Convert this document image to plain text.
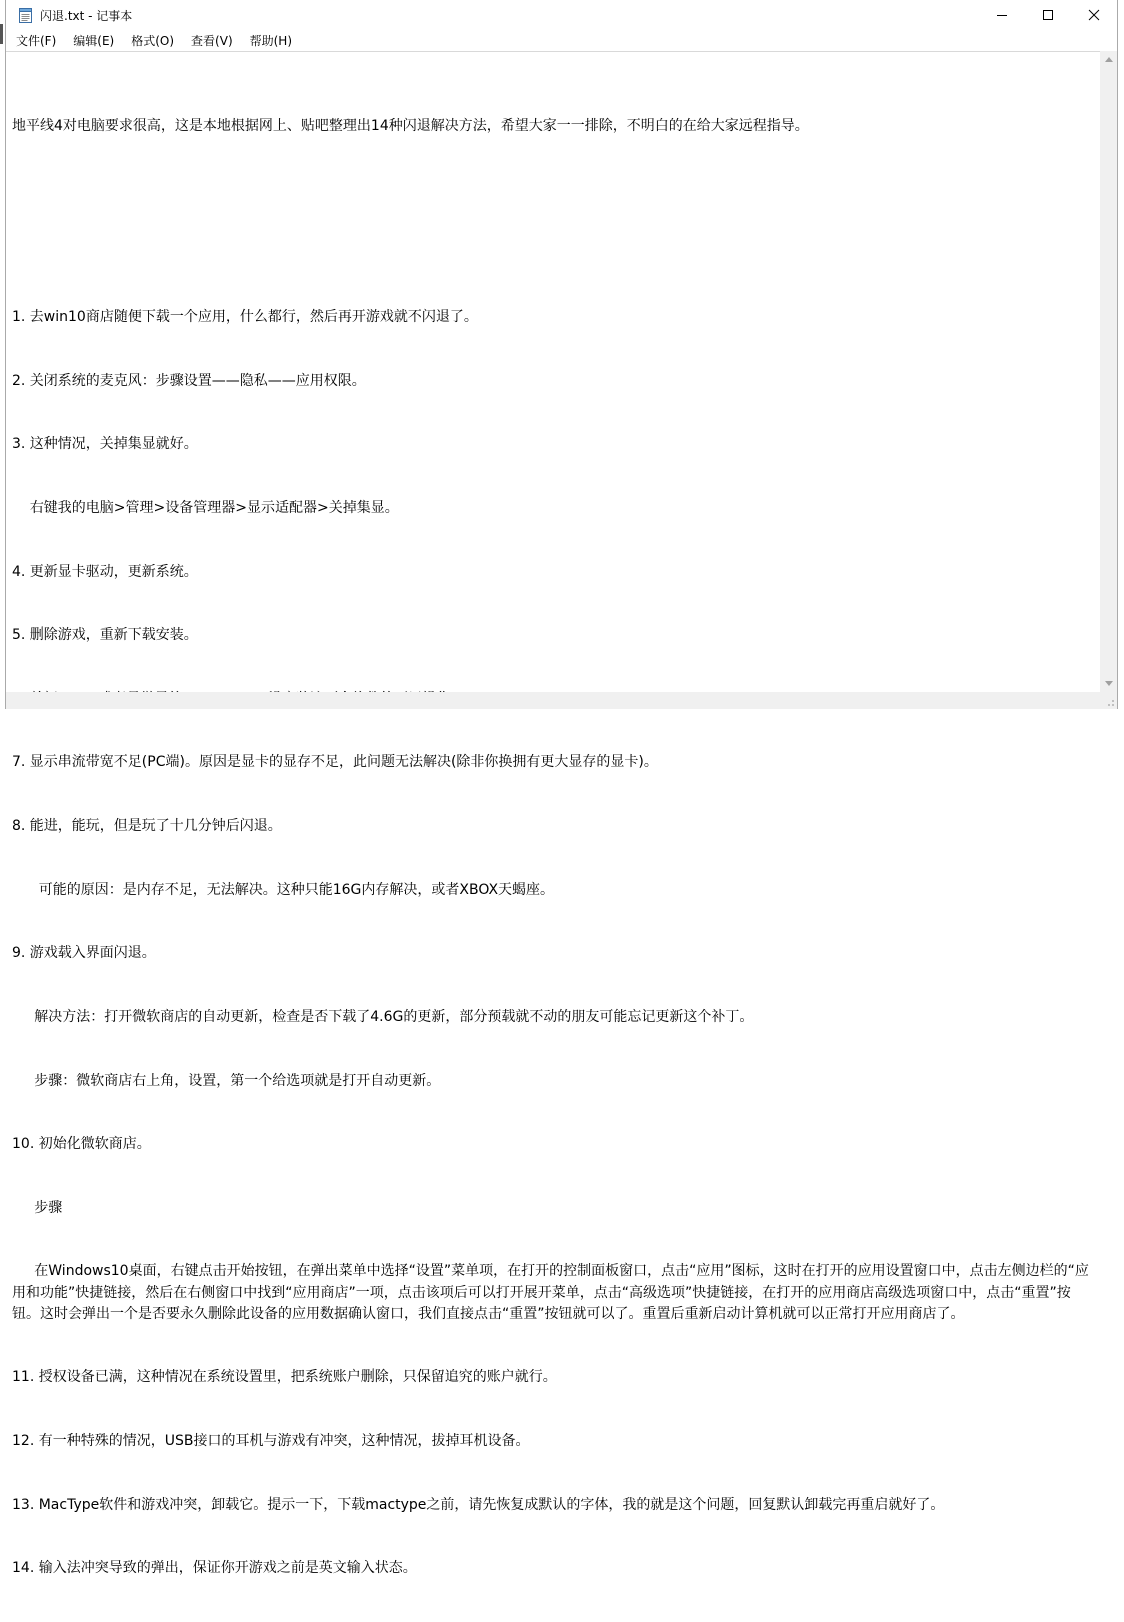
闪退.txt - 记事本
文件(F)	编辑(E)	格式(O)	查看(V)	帮助(H)

地平线4对电脑要求很高，这是本地根据网上、贴吧整理出14种闪退解决方法，希望大家一一排除，不明白的在给大家远程指导。

1. 去win10商店随便下载一个应用，什么都行，然后再开游戏就不闪退了。

2. 关闭系统的麦克风：步骤设置——隐私——应用权限。

3. 这种情况，关掉集显就好。

右键我的电脑>管理>设备管理器>显示适配器>关掉集显。

4. 更新显卡驱动，更新系统。

5. 删除游戏，重新下载安装。

7. 显示串流带宽不足(PC端)。原因是显卡的显存不足，此问题无法解决(除非你换拥有更大显存的显卡)。

8. 能进，能玩，但是玩了十几分钟后闪退。

可能的原因：是内存不足，无法解决。这种只能16G内存解决，或者XBOX天蝎座。

9. 游戏载入界面闪退。

解决方法：打开微软商店的自动更新，检查是否下载了4.6G的更新，部分预载就不动的朋友可能忘记更新这个补丁。

步骤：微软商店右上角，设置，第一个给选项就是打开自动更新。

10. 初始化微软商店。

步骤

在Windows10桌面，右键点击开始按钮，在弹出菜单中选择“设置”菜单项，在打开的控制面板窗口，点击“应用”图标，这时在打开的应用设置窗口中，点击左侧边栏的“应用和功能”快捷链接，然后在右侧窗口中找到“应用商店”一项，点击该项后可以打开展开菜单，点击“高级选项”快捷链接，在打开的应用商店高级选项窗口中，点击“重置”按钮。这时会弹出一个是否要永久删除此设备的应用数据确认窗口，我们直接点击“重置”按钮就可以了。重置后重新启动计算机就可以正常打开应用商店了。

11. 授权设备已满，这种情况在系统设置里，把系统账户删除，只保留追究的账户就行。

12. 有一种特殊的情况，USB接口的耳机与游戏有冲突，这种情况，拔掉耳机设备。

13. MacType软件和游戏冲突，卸载它。提示一下，下载mactype之前，请先恢复成默认的字体，我的就是这个问题，回复默认卸载完再重启就好了。

14. 输入法冲突导致的弹出，保证你开游戏之前是英文输入状态。
